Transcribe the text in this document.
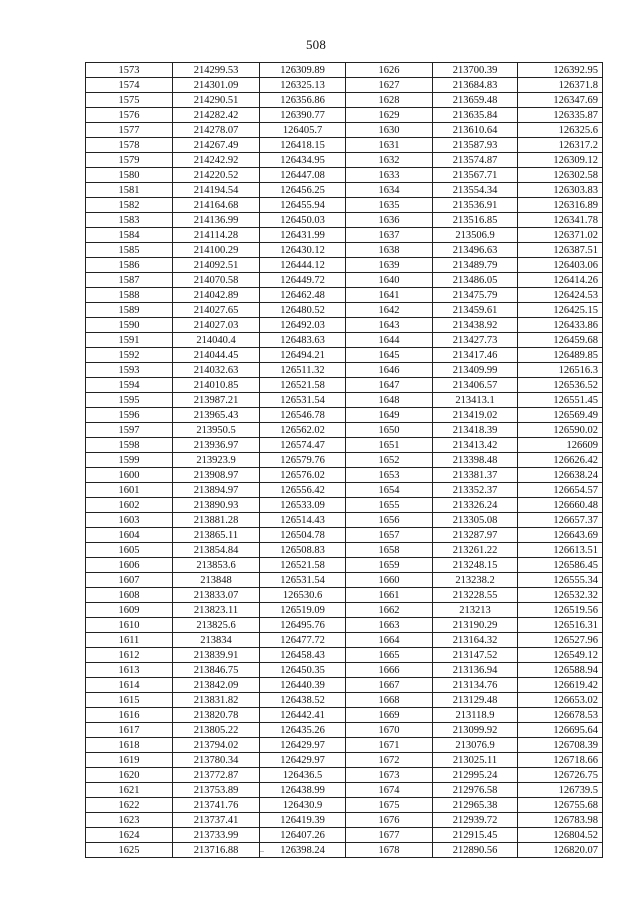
508
1573	214299.53	126309.89	1626	213700.39	126392.95
1574	214301.09	126325.13	1627	213684.83	126371.8
1575	214290.51	126356.86	1628	213659.48	126347.69
1576	214282.42	126390.77	1629	213635.84	126335.87
1577	214278.07	126405.7	1630	213610.64	126325.6
1578	214267.49	126418.15	1631	213587.93	126317.2
1579	214242.92	126434.95	1632	213574.87	126309.12
1580	214220.52	126447.08	1633	213567.71	126302.58
1581	214194.54	126456.25	1634	213554.34	126303.83
1582	214164.68	126455.94	1635	213536.91	126316.89
1583	214136.99	126450.03	1636	213516.85	126341.78
1584	214114.28	126431.99	1637	213506.9	126371.02
1585	214100.29	126430.12	1638	213496.63	126387.51
1586	214092.51	126444.12	1639	213489.79	126403.06
1587	214070.58	126449.72	1640	213486.05	126414.26
1588	214042.89	126462.48	1641	213475.79	126424.53
1589	214027.65	126480.52	1642	213459.61	126425.15
1590	214027.03	126492.03	1643	213438.92	126433.86
1591	214040.4	126483.63	1644	213427.73	126459.68
1592	214044.45	126494.21	1645	213417.46	126489.85
1593	214032.63	126511.32	1646	213409.99	126516.3
1594	214010.85	126521.58	1647	213406.57	126536.52
1595	213987.21	126531.54	1648	213413.1	126551.45
1596	213965.43	126546.78	1649	213419.02	126569.49
1597	213950.5	126562.02	1650	213418.39	126590.02
1598	213936.97	126574.47	1651	213413.42	126609
1599	213923.9	126579.76	1652	213398.48	126626.42
1600	213908.97	126576.02	1653	213381.37	126638.24
1601	213894.97	126556.42	1654	213352.37	126654.57
1602	213890.93	126533.09	1655	213326.24	126660.48
1603	213881.28	126514.43	1656	213305.08	126657.37
1604	213865.11	126504.78	1657	213287.97	126643.69
1605	213854.84	126508.83	1658	213261.22	126613.51
1606	213853.6	126521.58	1659	213248.15	126586.45
1607	213848	126531.54	1660	213238.2	126555.34
1608	213833.07	126530.6	1661	213228.55	126532.32
1609	213823.11	126519.09	1662	213213	126519.56
1610	213825.6	126495.76	1663	213190.29	126516.31
1611	213834	126477.72	1664	213164.32	126527.96
1612	213839.91	126458.43	1665	213147.52	126549.12
1613	213846.75	126450.35	1666	213136.94	126588.94
1614	213842.09	126440.39	1667	213134.76	126619.42
1615	213831.82	126438.52	1668	213129.48	126653.02
1616	213820.78	126442.41	1669	213118.9	126678.53
1617	213805.22	126435.26	1670	213099.92	126695.64
1618	213794.02	126429.97	1671	213076.9	126708.39
1619	213780.34	126429.97	1672	213025.11	126718.66
1620	213772.87	126436.5	1673	212995.24	126726.75
1621	213753.89	126438.99	1674	212976.58	126739.5
1622	213741.76	126430.9	1675	212965.38	126755.68
1623	213737.41	126419.39	1676	212939.72	126783.98
1624	213733.99	126407.26	1677	212915.45	126804.52
1625	213716.88	126398.24	1678	212890.56	126820.07
